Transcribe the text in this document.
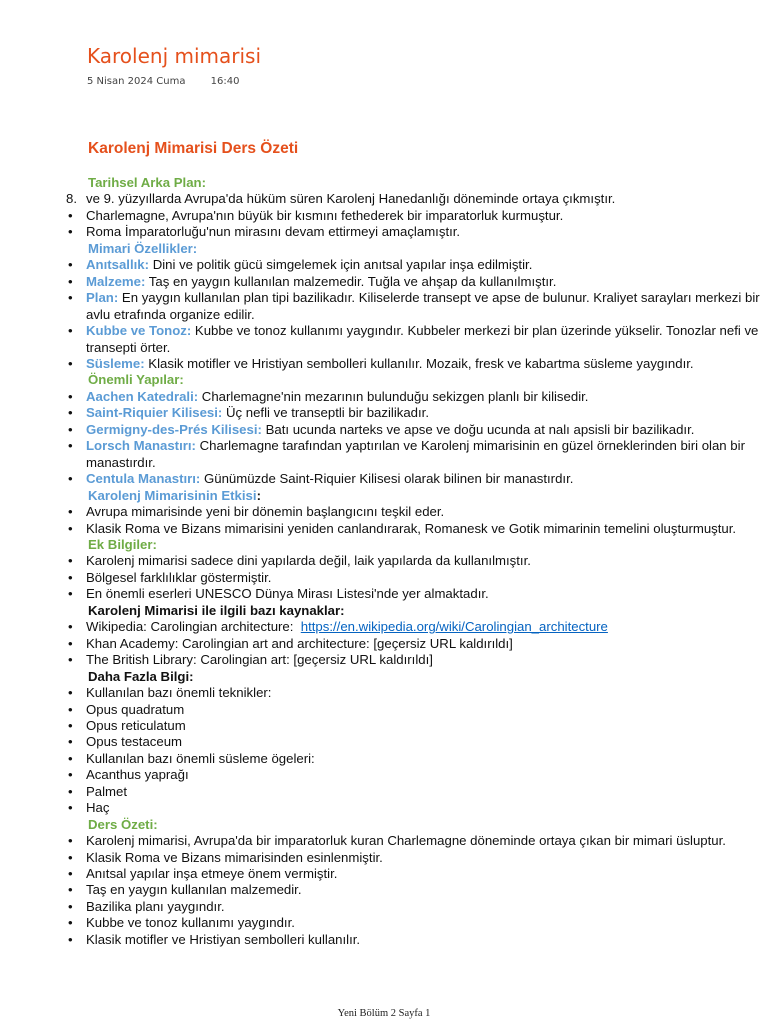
Karolenj mimarisi
5 Nisan 2024 Cuma	16:40
Karolenj Mimarisi Ders Özeti
Tarihsel Arka Plan:
8. ve 9. yüzyıllarda Avrupa'da hüküm süren Karolenj Hanedanlığı döneminde ortaya çıkmıştır.
•	Charlemagne, Avrupa'nın büyük bir kısmını fethederek bir imparatorluk kurmuştur.
•	Roma İmparatorluğu'nun mirasını devam ettirmeyi amaçlamıştır.
Mimari Özellikler:
•	Anıtsallık: Dini ve politik gücü simgelemek için anıtsal yapılar inşa edilmiştir.
•	Malzeme: Taş en yaygın kullanılan malzemedir. Tuğla ve ahşap da kullanılmıştır.
•	Plan: En yaygın kullanılan plan tipi bazilikadır. Kiliselerde transept ve apse de bulunur. Kraliyet sarayları merkezi bir avlu etrafında organize edilir.
•	Kubbe ve Tonoz: Kubbe ve tonoz kullanımı yaygındır. Kubbeler merkezi bir plan üzerinde yükselir. Tonozlar nefi ve transepti örter.
•	Süsleme: Klasik motifler ve Hristiyan sembolleri kullanılır. Mozaik, fresk ve kabartma süsleme yaygındır.
Önemli Yapılar:
•	Aachen Katedrali: Charlemagne'nin mezarının bulunduğu sekizgen planlı bir kilisedir.
•	Saint-Riquier Kilisesi: Üç nefli ve transeptli bir bazilikadır.
•	Germigny-des-Prés Kilisesi: Batı ucunda narteks ve apse ve doğu ucunda at nalı apsisli bir bazilikadır.
•	Lorsch Manastırı: Charlemagne tarafından yaptırılan ve Karolenj mimarisinin en güzel örneklerinden biri olan bir manastırdır.
•	Centula Manastırı: Günümüzde Saint-Riquier Kilisesi olarak bilinen bir manastırdır.
Karolenj Mimarisinin Etkisi:
•	Avrupa mimarisinde yeni bir dönemin başlangıcını teşkil eder.
•	Klasik Roma ve Bizans mimarisini yeniden canlandırarak, Romanesk ve Gotik mimarinin temelini oluşturmuştur.
Ek Bilgiler:
•	Karolenj mimarisi sadece dini yapılarda değil, laik yapılarda da kullanılmıştır.
•	Bölgesel farklılıklar göstermiştir.
•	En önemli eserleri UNESCO Dünya Mirası Listesi'nde yer almaktadır.
Karolenj Mimarisi ile ilgili bazı kaynaklar:
•	Wikipedia: Carolingian architecture:  https://en.wikipedia.org/wiki/Carolingian_architecture
•	Khan Academy: Carolingian art and architecture: [geçersiz URL kaldırıldı]
•	The British Library: Carolingian art: [geçersiz URL kaldırıldı]
Daha Fazla Bilgi:
•	Kullanılan bazı önemli teknikler:
•	Opus quadratum
•	Opus reticulatum
•	Opus testaceum
•	Kullanılan bazı önemli süsleme ögeleri:
•	Acanthus yaprağı
•	Palmet
•	Haç
Ders Özeti:
•	Karolenj mimarisi, Avrupa'da bir imparatorluk kuran Charlemagne döneminde ortaya çıkan bir mimari üsluptur.
•	Klasik Roma ve Bizans mimarisinden esinlenmiştir.
•	Anıtsal yapılar inşa etmeye önem vermiştir.
•	Taş en yaygın kullanılan malzemedir.
•	Bazilika planı yaygındır.
•	Kubbe ve tonoz kullanımı yaygındır.
•	Klasik motifler ve Hristiyan sembolleri kullanılır.
Yeni Bölüm 2 Sayfa 1
